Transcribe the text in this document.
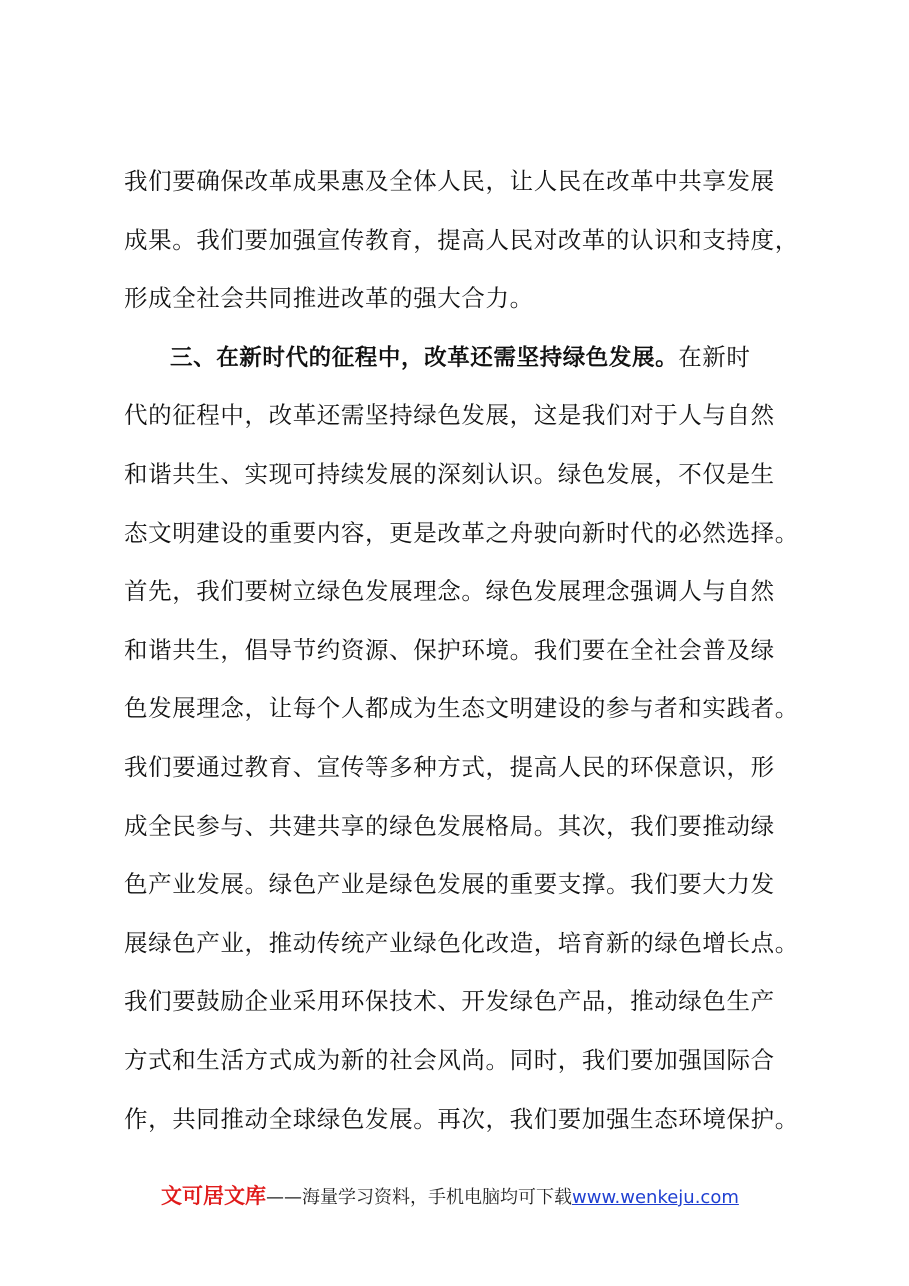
我们要确保改革成果惠及全体人民，让人民在改革中共享发展
成果。我们要加强宣传教育，提高人民对改革的认识和支持度，
形成全社会共同推进改革的强大合力。
三、在新时代的征程中，改革还需坚持绿色发展。在新时
代的征程中，改革还需坚持绿色发展，这是我们对于人与自然
和谐共生、实现可持续发展的深刻认识。绿色发展，不仅是生
态文明建设的重要内容，更是改革之舟驶向新时代的必然选择。
首先，我们要树立绿色发展理念。绿色发展理念强调人与自然
和谐共生，倡导节约资源、保护环境。我们要在全社会普及绿
色发展理念，让每个人都成为生态文明建设的参与者和实践者。
我们要通过教育、宣传等多种方式，提高人民的环保意识，形
成全民参与、共建共享的绿色发展格局。其次，我们要推动绿
色产业发展。绿色产业是绿色发展的重要支撑。我们要大力发
展绿色产业，推动传统产业绿色化改造，培育新的绿色增长点。
我们要鼓励企业采用环保技术、开发绿色产品，推动绿色生产
方式和生活方式成为新的社会风尚。同时，我们要加强国际合
作，共同推动全球绿色发展。再次，我们要加强生态环境保护。
文可居文库——海量学习资料，手机电脑均可下载www.wenkeju.com
